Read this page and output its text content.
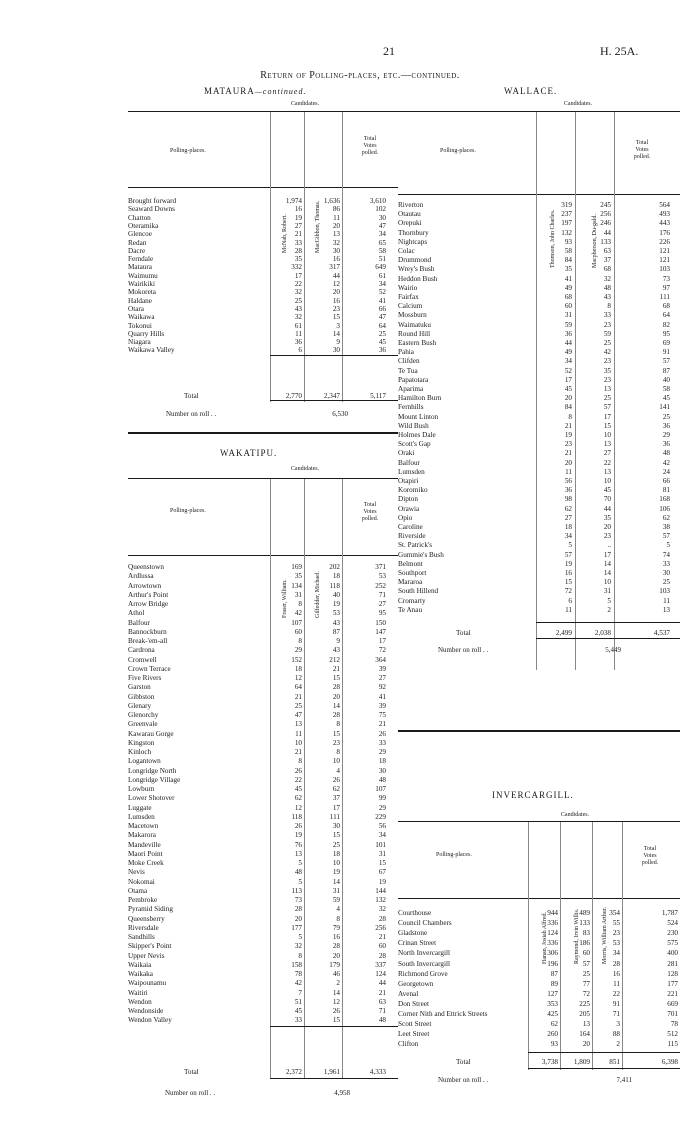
21	H. 25A.
Return of Polling-places, etc.—continued.
MATAURA—continued.
Candidates.
Polling-places.
McNab, Robert.	MacGibbon, Thomas.
Total
Votes
polled.
Brought forward	1,974	1,636	3,610
Seaward Downs	16	86	102
Chatton	19	11	30
Oteramika	27	20	47
Glencoe	21	13	34
Redan	33	32	65
Dacre	28	30	58
Ferndale	35	16	51
Mataura	332	317	649
Waimumu	17	44	61
Wairikiki	22	12	34
Mokoreta	32	20	52
Haldane	25	16	41
Otara	43	23	66
Waikawa	32	15	47
Tokonui	61	3	64
Quarry Hills	11	14	25
Niagara	36	9	45
Waikawa Valley	6	30	36
Total	2,770	2,347	5,117
Number on roll . .	6,530
WAKATIPU.
Candidates.
Polling-places.
Fraser, William.	Gilfedder, Michael.
Total
Votes
polled.
Queenstown	169	202	371
Ardlussa	35	18	53
Arrowtown	134	118	252
Arthur's Point	31	40	71
Arrow Bridge	8	19	27
Athol	42	53	95
Balfour	107	43	150
Bannockburn	60	87	147
Break-'em-all	8	9	17
Cardrona	29	43	72
Cromwell	152	212	364
Crown Terrace	18	21	39
Five Rivers	12	15	27
Garston	64	28	92
Gibbston	21	20	41
Glenary	25	14	39
Glenorchy	47	28	75
Greenvale	13	8	21
Kawarau Gorge	11	15	26
Kingston	10	23	33
Kinloch	21	8	29
Logantown	8	10	18
Longridge North	26	4	30
Longridge Village	22	26	48
Lowburn	45	62	107
Lower Shotover	62	37	99
Luggate	12	17	29
Lumsden	118	111	229
Macetown	26	30	56
Makarora	19	15	34
Mandeville	76	25	101
Maori Point	13	18	31
Moke Creek	5	10	15
Nevis	48	19	67
Nokomai	5	14	19
Otama	113	31	144
Pembroke	73	59	132
Pyramid Siding	28	4	32
Queensberry	20	8	28
Riversdale	177	79	256
Sandhills	5	16	21
Skipper's Point	32	28	60
Upper Nevis	8	20	28
Waikaia	158	179	337
Waikaka	78	46	124
Waipounamu	42	2	44
Waitiri	7	14	21
Wendon	51	12	63
Wendonside	45	26	71
Wendon Valley	33	15	48
Total	2,372	1,961	4,333
Number on roll . .	4,958
WALLACE.
Candidates.
Polling-places.
Thomson, John Charles.	Macpherson, Du-gald.
Total
Votes
polled.
Riverton	319	245	564
Otautau	237	256	493
Orepuki	197	246	443
Thornbury	132	44	176
Nightcaps	93	133	226
Colac	58	63	121
Drummond	84	37	121
Wrey's Bush	35	68	103
Heddon Bush	41	32	73
Wairio	49	48	97
Fairfax	68	43	111
Calcium	60	8	68
Mossburn	31	33	64
Waimatuku	59	23	82
Round Hill	36	59	95
Eastern Bush	44	25	69
Pahia	49	42	91
Clifden	34	23	57
Te Tua	52	35	87
Papatotara	17	23	40
Aparima	45	13	58
Hamilton Burn	20	25	45
Fernhills	84	57	141
Mount Linton	8	17	25
Wild Bush	21	15	36
Holmes Dale	19	10	29
Scott's Gap	23	13	36
Oraki	21	27	48
Balfour	20	22	42
Lumsden	11	13	24
Otapiri	56	10	66
Koromiko	36	45	81
Dipton	98	70	168
Orawia	62	44	106
Opio	27	35	62
Caroline	18	20	38
Riverside	34	23	57
St. Patrick's	5	..	5
Gummie's Bush	57	17	74
Belmont	19	14	33
Southport	16	14	30
Mararoa	15	10	25
South Hillend	72	31	103
Cromarty	6	5	11
Te Anau	11	2	13
Total	2,499	2,038	4,537
Number on roll . .	5,449
INVERCARGILL.
Candidates.
Polling-places.
Hanan, Josiah Alfred.	Raymond, Irvin Willis.	Morris, William Arthur.
Total
Votes
polled.
Courthouse	944	489	354	1,787
Council Chambers	336	133	55	524
Gladstone	124	83	23	230
Crinan Street	336	186	53	575
North Invercargill	306	60	34	400
South Invercargill	196	57	28	281
Richmond Grove	87	25	16	128
Georgetown	89	77	11	177
Avenal	127	72	22	221
Don Street	353	225	91	669
Corner Nith and Ettrick Streets	425	205	71	701
Scott Street	62	13	3	78
Leet Street	260	164	88	512
Clifton	93	20	2	115
Total	3,738	1,809	851	6,398
Number on roll . .	7,411
